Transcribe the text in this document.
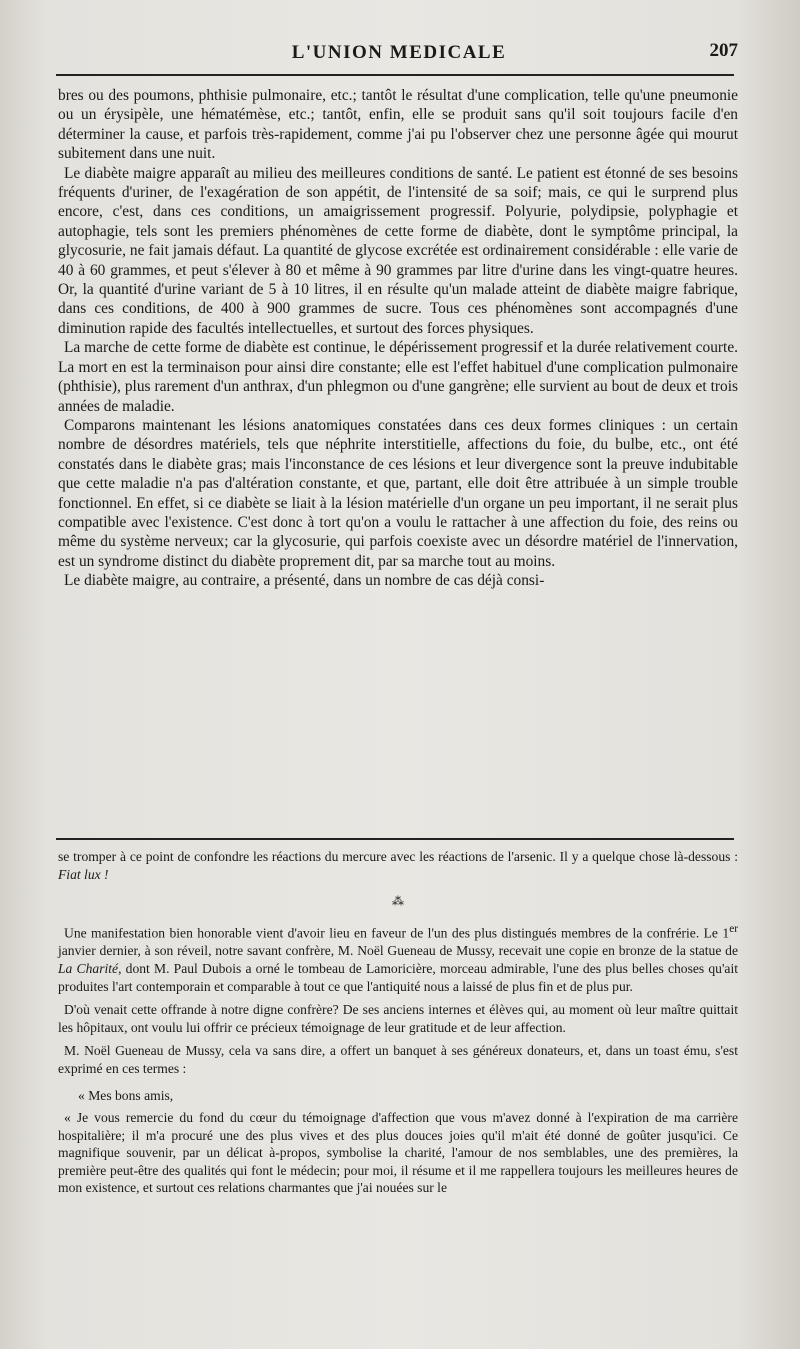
L'UNION MEDICALE	207

bres ou des poumons, phthisie pulmonaire, etc.; tantôt le résultat d'une complication, telle qu'une pneumonie ou un érysipèle, une hématémèse, etc.; tantôt, enfin, elle se produit sans qu'il soit toujours facile d'en déterminer la cause, et parfois très-rapidement, comme j'ai pu l'observer chez une personne âgée qui mourut subitement dans une nuit.

Le diabète maigre apparaît au milieu des meilleures conditions de santé. Le patient est étonné de ses besoins fréquents d'uriner, de l'exagération de son appétit, de l'intensité de sa soif; mais, ce qui le surprend plus encore, c'est, dans ces conditions, un amaigrissement progressif. Polyurie, polydipsie, polyphagie et autophagie, tels sont les premiers phénomènes de cette forme de diabète, dont le symptôme principal, la glycosurie, ne fait jamais défaut. La quantité de glycose excrétée est ordinairement considérable : elle varie de 40 à 60 grammes, et peut s'élever à 80 et même à 90 grammes par litre d'urine dans les vingt-quatre heures. Or, la quantité d'urine variant de 5 à 10 litres, il en résulte qu'un malade atteint de diabète maigre fabrique, dans ces conditions, de 400 à 900 grammes de sucre. Tous ces phénomènes sont accompagnés d'une diminution rapide des facultés intellectuelles, et surtout des forces physiques.

La marche de cette forme de diabète est continue, le dépérissement progressif et la durée relativement courte. La mort en est la terminaison pour ainsi dire constante; elle est l'effet habituel d'une complication pulmonaire (phthisie), plus rarement d'un anthrax, d'un phlegmon ou d'une gangrène; elle survient au bout de deux et trois années de maladie.

Comparons maintenant les lésions anatomiques constatées dans ces deux formes cliniques : un certain nombre de désordres matériels, tels que néphrite interstitielle, affections du foie, du bulbe, etc., ont été constatés dans le diabète gras; mais l'inconstance de ces lésions et leur divergence sont la preuve indubitable que cette maladie n'a pas d'altération constante, et que, partant, elle doit être attribuée à un simple trouble fonctionnel. En effet, si ce diabète se liait à la lésion matérielle d'un organe un peu important, il ne serait plus compatible avec l'existence. C'est donc à tort qu'on a voulu le rattacher à une affection du foie, des reins ou même du système nerveux; car la glycosurie, qui parfois coexiste avec un désordre matériel de l'innervation, est un syndrome distinct du diabète proprement dit, par sa marche tout au moins.

Le diabète maigre, au contraire, a présenté, dans un nombre de cas déjà consi-

se tromper à ce point de confondre les réactions du mercure avec les réactions de l'arsenic. Il y a quelque chose là-dessous : Fiat lux !

⁂

Une manifestation bien honorable vient d'avoir lieu en faveur de l'un des plus distingués membres de la confrérie. Le 1er janvier dernier, à son réveil, notre savant confrère, M. Noël Gueneau de Mussy, recevait une copie en bronze de la statue de La Charité, dont M. Paul Dubois a orné le tombeau de Lamoricière, morceau admirable, l'une des plus belles choses qu'ait produites l'art contemporain et comparable à tout ce que l'antiquité nous a laissé de plus fin et de plus pur.

D'où venait cette offrande à notre digne confrère? De ses anciens internes et élèves qui, au moment où leur maître quittait les hôpitaux, ont voulu lui offrir ce précieux témoignage de leur gratitude et de leur affection.

M. Noël Gueneau de Mussy, cela va sans dire, a offert un banquet à ses généreux donateurs, et, dans un toast ému, s'est exprimé en ces termes :

« Mes bons amis,

« Je vous remercie du fond du cœur du témoignage d'affection que vous m'avez donné à l'expiration de ma carrière hospitalière; il m'a procuré une des plus vives et des plus douces joies qu'il m'ait été donné de goûter jusqu'ici. Ce magnifique souvenir, par un délicat à-propos, symbolise la charité, l'amour de nos semblables, une des premières, la première peut-être des qualités qui font le médecin; pour moi, il résume et il me rappellera toujours les meilleures heures de mon existence, et surtout ces relations charmantes que j'ai nouées sur le
